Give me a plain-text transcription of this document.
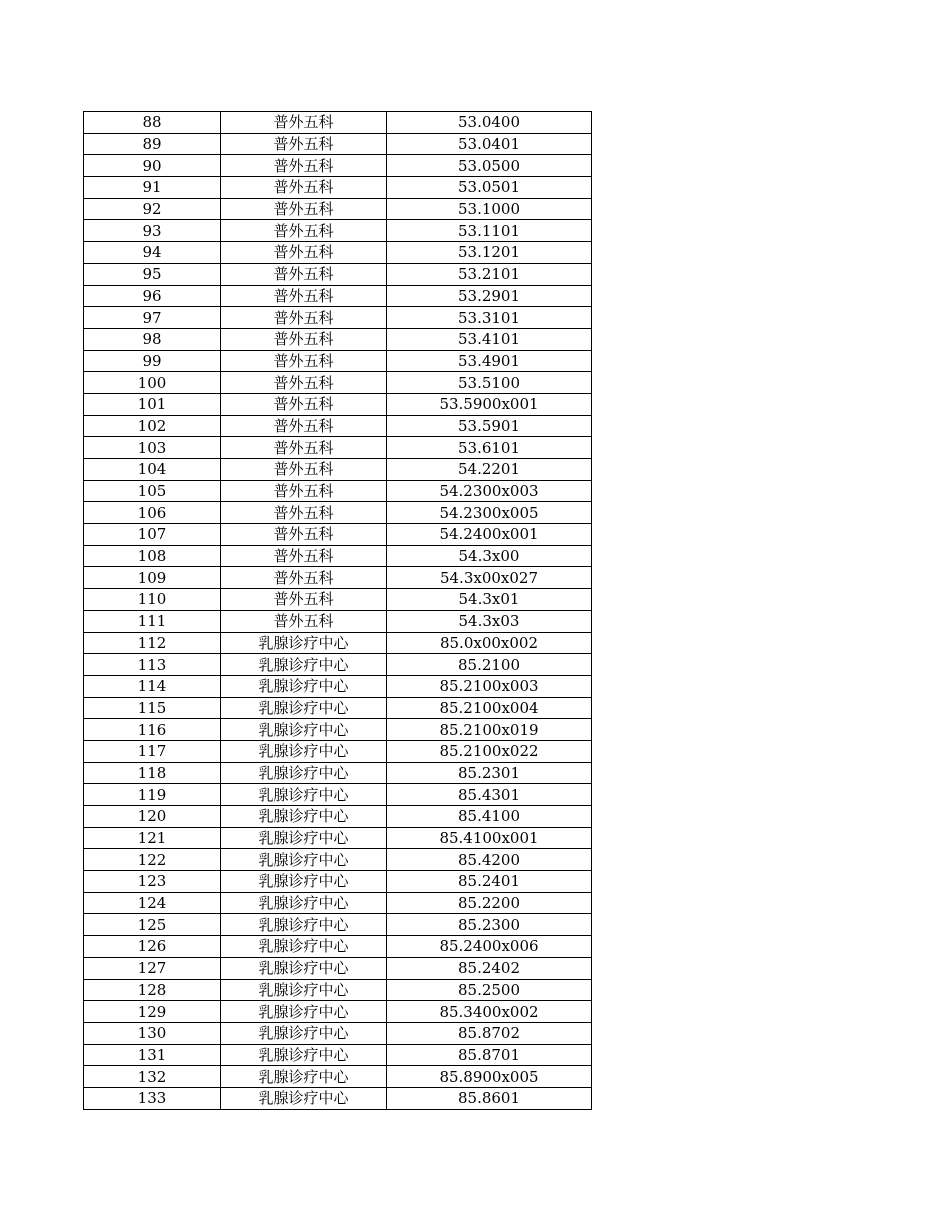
88	普外五科	53.0400
89	普外五科	53.0401
90	普外五科	53.0500
91	普外五科	53.0501
92	普外五科	53.1000
93	普外五科	53.1101
94	普外五科	53.1201
95	普外五科	53.2101
96	普外五科	53.2901
97	普外五科	53.3101
98	普外五科	53.4101
99	普外五科	53.4901
100	普外五科	53.5100
101	普外五科	53.5900x001
102	普外五科	53.5901
103	普外五科	53.6101
104	普外五科	54.2201
105	普外五科	54.2300x003
106	普外五科	54.2300x005
107	普外五科	54.2400x001
108	普外五科	54.3x00
109	普外五科	54.3x00x027
110	普外五科	54.3x01
111	普外五科	54.3x03
112	乳腺诊疗中心	85.0x00x002
113	乳腺诊疗中心	85.2100
114	乳腺诊疗中心	85.2100x003
115	乳腺诊疗中心	85.2100x004
116	乳腺诊疗中心	85.2100x019
117	乳腺诊疗中心	85.2100x022
118	乳腺诊疗中心	85.2301
119	乳腺诊疗中心	85.4301
120	乳腺诊疗中心	85.4100
121	乳腺诊疗中心	85.4100x001
122	乳腺诊疗中心	85.4200
123	乳腺诊疗中心	85.2401
124	乳腺诊疗中心	85.2200
125	乳腺诊疗中心	85.2300
126	乳腺诊疗中心	85.2400x006
127	乳腺诊疗中心	85.2402
128	乳腺诊疗中心	85.2500
129	乳腺诊疗中心	85.3400x002
130	乳腺诊疗中心	85.8702
131	乳腺诊疗中心	85.8701
132	乳腺诊疗中心	85.8900x005
133	乳腺诊疗中心	85.8601
